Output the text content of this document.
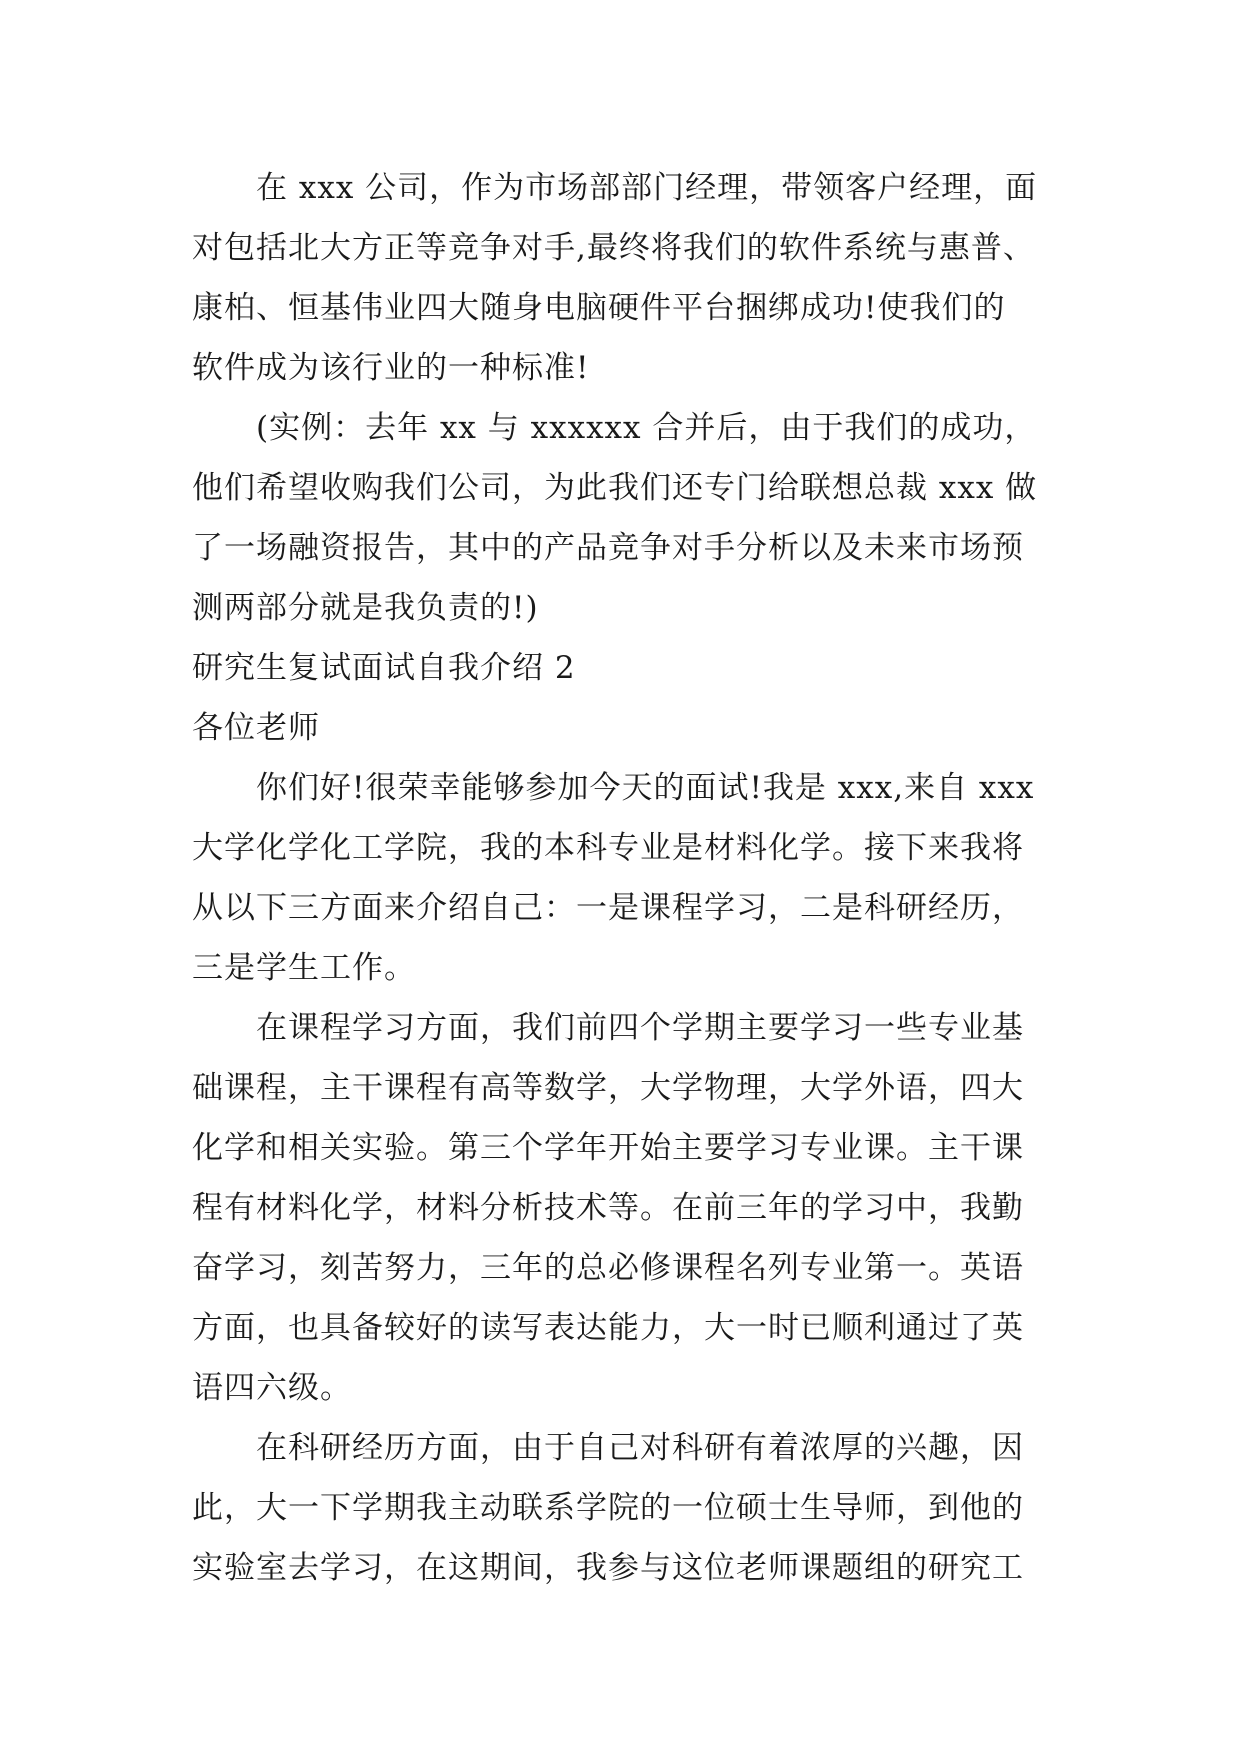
在 xxx 公司，作为市场部部门经理，带领客户经理，面
对包括北大方正等竞争对手,最终将我们的软件系统与惠普、
康柏、恒基伟业四大随身电脑硬件平台捆绑成功!使我们的
软件成为该行业的一种标准!
(实例：去年 xx 与 xxxxxx 合并后，由于我们的成功，
他们希望收购我们公司，为此我们还专门给联想总裁 xxx 做
了一场融资报告，其中的产品竞争对手分析以及未来市场预
测两部分就是我负责的!)
研究生复试面试自我介绍 2
各位老师
你们好!很荣幸能够参加今天的面试!我是 xxx,来自 xxx
大学化学化工学院，我的本科专业是材料化学。接下来我将
从以下三方面来介绍自己：一是课程学习，二是科研经历，
三是学生工作。
在课程学习方面，我们前四个学期主要学习一些专业基
础课程，主干课程有高等数学，大学物理，大学外语，四大
化学和相关实验。第三个学年开始主要学习专业课。主干课
程有材料化学，材料分析技术等。在前三年的学习中，我勤
奋学习，刻苦努力，三年的总必修课程名列专业第一。英语
方面，也具备较好的读写表达能力，大一时已顺利通过了英
语四六级。
在科研经历方面，由于自己对科研有着浓厚的兴趣，因
此，大一下学期我主动联系学院的一位硕士生导师，到他的
实验室去学习，在这期间，我参与这位老师课题组的研究工
